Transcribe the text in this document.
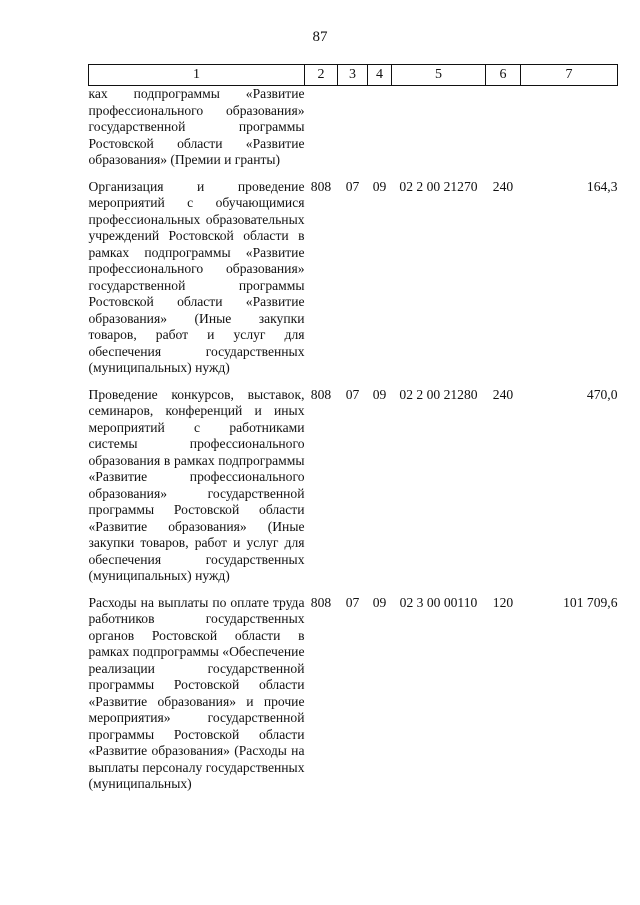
87
1	2	3	4	5	6	7
ках подпрограммы «Развитие профессионального образования» государственной программы Ростовской области «Развитие образования» (Премии и гранты)						

Организация и проведение мероприятий с обучающимися профессиональных образовательных учреждений Ростовской области в рамках подпрограммы «Развитие профессионального образования» государственной программы Ростовской области «Развитие образования» (Иные закупки товаров, работ и услуг для обеспечения государственных (муниципальных) нужд)	808	07	09	02 2 00 21270	240	164,3

Проведение конкурсов, выставок, семинаров, конференций и иных мероприятий с работниками системы профессионального образования в рамках подпрограммы «Развитие профессионального образования» государственной программы Ростовской области «Развитие образования» (Иные закупки товаров, работ и услуг для обеспечения государственных (муниципальных) нужд)	808	07	09	02 2 00 21280	240	470,0

Расходы на выплаты по оплате труда работников государственных органов Ростовской области в рамках подпрограммы «Обеспечение реализации государственной программы Ростовской области «Развитие образования» и прочие мероприятия» государственной программы Ростовской области «Развитие образования» (Расходы на выплаты персоналу государственных (муниципальных)	808	07	09	02 3 00 00110	120	101 709,6
